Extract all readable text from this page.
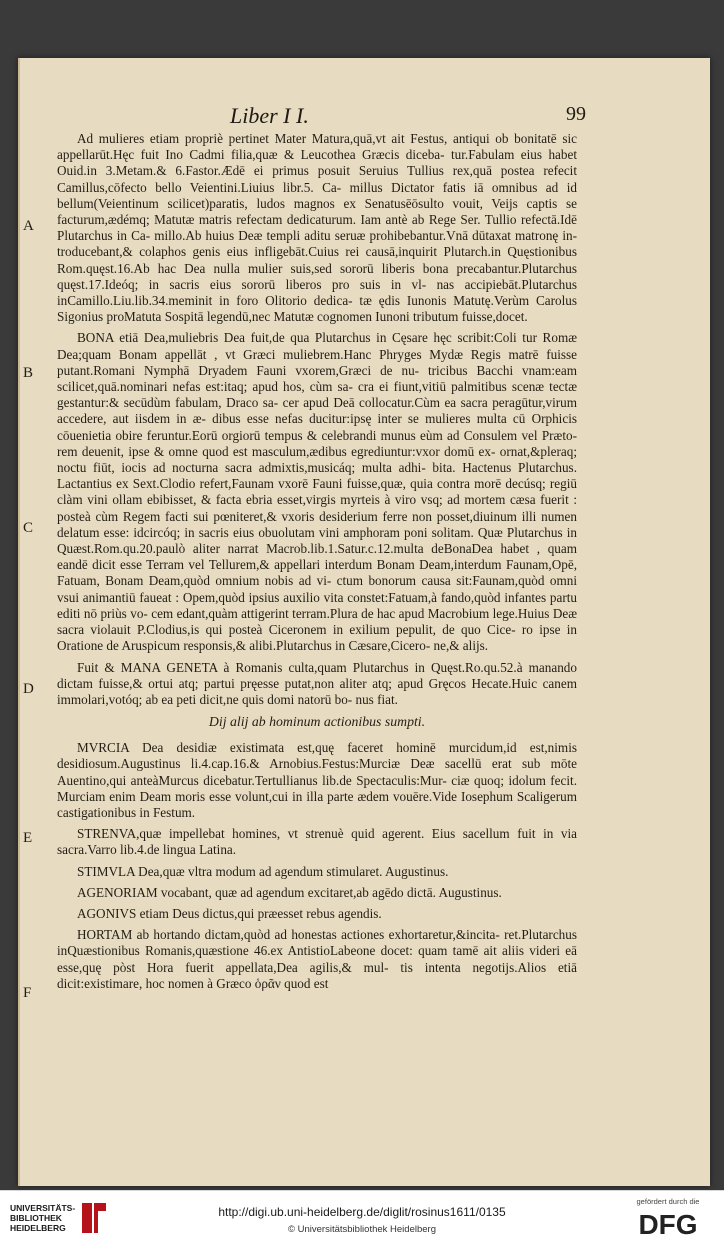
Liber I I.	99
A
B
C
D
E
F

Ad mulieres etiam propriè pertinet Mater Matura,quā,vt ait Festus, antiqui ob bonitatē sic appellarūt.Hęc fuit Ino Cadmi filia,quæ & Leucothea Græcis diceba- tur.Fabulam eius habet Ouid.in 3.Metam.& 6.Fastor.Ædē ei primus posuit Seruius Tullius rex,quā postea refecit Camillus,cōfecto bello Veientini.Liuius libr.5. Ca- millus Dictator fatis iā omnibus ad id bellum(Veientinum scilicet)paratis, ludos magnos ex Senatusēōsulto vouit, Veijs captis se facturum,ædémq; Matutæ matris refectam dedicaturum. Iam antè ab Rege Ser. Tullio refectā.Idē Plutarchus in Ca- millo.Ab huius Deæ templi aditu seruæ prohibebantur.Vnā dūtaxat matronę in- troducebant,& colaphos genis eius infligebāt.Cuius rei causā,inquirit Plutarch.in Quęstionibus Rom.quęst.16.Ab hac Dea nulla mulier suis,sed sororū liberis bona precabantur.Plutarchus quęst.17.Ideóq; in sacris eius sororū liberos pro suis in vl- nas accipiebāt.Plutarchus inCamillo.Liu.lib.34.meminit in foro Olitorio dedica- tæ ędis Iunonis Matutę.Verùm Carolus Sigonius proMatuta Sospitā legendū,nec Matutæ cognomen Iunoni tributum fuisse,docet.

BONA etiā Dea,muliebris Dea fuit,de qua Plutarchus in Cęsare hęc scribit:Coli tur Romæ Dea;quam Bonam appellāt , vt Græci muliebrem.Hanc Phryges Mydæ Regis matrē fuisse putant.Romani Nymphā Dryadem Fauni vxorem,Græci de nu- tricibus Bacchi vnam:eam scilicet,quā.nominari nefas est:itaq; apud hos, cùm sa- cra ei fiunt,vitiū palmitibus scenæ tectæ gestantur:& secūdùm fabulam, Draco sa- cer apud Deā collocatur.Cùm ea sacra peragūtur,virum accedere, aut iisdem in æ- dibus esse nefas ducitur:ipsę inter se mulieres multa cū Orphicis cōuenietia obire feruntur.Eorū orgiorū tempus & celebrandi munus eùm ad Consulem vel Præto- rem deuenit, ipse & omne quod est masculum,ædibus egrediuntur:vxor domū ex- ornat,&pleraq; noctu fiūt, iocis ad nocturna sacra admixtis,musicáq; multa adhi- bita. Hactenus Plutarchus. Lactantius ex Sext.Clodio refert,Faunam vxorē Fauni fuisse,quæ, quia contra morē decúsq; regiū clàm vini ollam ebibisset, & facta ebria esset,virgis myrteis à viro vsq; ad mortem cæsa fuerit : posteà cùm Regem facti sui pœniteret,& vxoris desiderium ferre non posset,diuinum illi numen delatum esse: idcircóq; in sacris eius obuolutam vini amphoram poni solitam. Quæ Plutarchus in Quæst.Rom.qu.20.paulò aliter narrat Macrob.lib.1.Satur.c.12.multa deBonaDea habet , quam eandē dicit esse Terram vel Tellurem,& appellari interdum Bonam Deam,interdum Faunam,Opē, Fatuam, Bonam Deam,quòd omnium nobis ad vi- ctum bonorum causa sit:Faunam,quòd omni vsui animantiū faueat : Opem,quòd ipsius auxilio vita constet:Fatuam,à fando,quòd infantes partu editi nō priùs vo- cem edant,quàm attigerint terram.Plura de hac apud Macrobium lege.Huius Deæ sacra violauit P.Clodius,is qui posteà Ciceronem in exilium pepulit, de quo Cice- ro ipse in Oratione de Aruspicum responsis,& alibi.Plutarchus in Cæsare,Cicero- ne,& alijs.

Fuit & MANA GENETA à Romanis culta,quam Plutarchus in Quęst.Ro.qu.52.à manando dictam fuisse,& ortui atq; partui pręesse putat,non aliter atq; apud Gręcos Hecate.Huic canem immolari,votóq; ab ea peti dicit,ne quis domi natorū bo- nus fiat.

Dij alij ab hominum actionibus sumpti.

MVRCIA Dea desidiæ existimata est,quę faceret hominē murcidum,id est,nimis desidiosum.Augustinus li.4.cap.16.& Arnobius.Festus:Murciæ Deæ sacellū erat sub mōte Auentino,qui anteàMurcus dicebatur.Tertullianus lib.de Spectaculis:Mur- ciæ quoq; idolum fecit. Murciam enim Deam moris esse volunt,cui in illa parte ædem vouēre.Vide Iosephum Scaligerum castigationibus in Festum.

STRENVA,quæ impellebat homines, vt strenuè quid agerent. Eius sacellum fuit in via sacra.Varro lib.4.de lingua Latina.

STIMVLA Dea,quæ vltra modum ad agendum stimularet. Augustinus.

AGENORIAM vocabant, quæ ad agendum excitaret,ab agēdo dictā. Augustinus.

AGONIVS etiam Deus dictus,qui præesset rebus agendis.

HORTAM ab hortando dictam,quòd ad honestas actiones exhortaretur,&incita- ret.Plutarchus inQuæstionibus Romanis,quæstione 46.ex AntistioLabeone docet: quam tamē ait aliis videri eā esse,quę pòst Hora fuerit appellata,Dea agilis,& mul- tis intenta negotijs.Alios etiā dicit:existimare, hoc nomen à Græco ὁρᾶν quod est

UNIVERSITÄTS- BIBLIOTHEK HEIDELBERG
http://digi.ub.uni-heidelberg.de/diglit/rosinus1611/0135
© Universitätsbibliothek Heidelberg
gefördert durch die
DFG
